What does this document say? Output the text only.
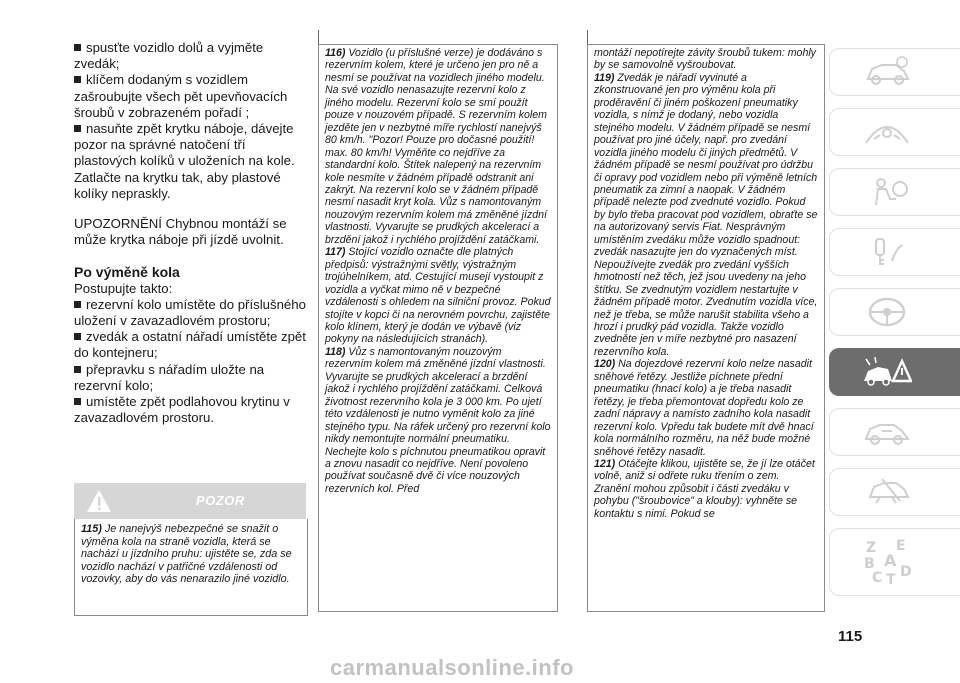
spusťte vozidlo dolů a vyjměte zvedák;

klíčem dodaným s vozidlem zašroubujte všech pět upevňovacích šroubů v zobrazeném pořadí ;

nasuňte zpět krytku náboje, dávejte pozor na správné natočení tří plastových kolíků v uloženích na kole. Zatlačte na krytku tak, aby plastové kolíky nepraskly.

UPOZORNĚNÍ Chybnou montáží se může krytka náboje při jízdě uvolnit.

Po výměně kola

Postupujte takto:

rezervní kolo umístěte do příslušného uložení v zavazadlovém prostoru;

zvedák a ostatní nářadí umístěte zpět do kontejneru;

přepravku s nářadím uložte na rezervní kolo;

umístěte zpět podlahovou krytinu v zavazadlovém prostoru.

POZOR
115) Je nanejvýš nebezpečné se snažit o výměna kola na straně vozidla, která se nachází u jízdního pruhu: ujistěte se, zda se vozidlo nachází v patřičné vzdálenosti od vozovky, aby do vás nenarazilo jiné vozidlo.

116) Vozidlo (u příslušné verze) je dodáváno s rezervním kolem, které je určeno jen pro ně a nesmí se používat na vozidlech jiného modelu. Na své vozidlo nenasazujte rezervní kolo z jiného modelu. Rezervní kolo se smí použít pouze v nouzovém případě. S rezervním kolem jezděte jen v nezbytné míře rychlostí nanejvýš 80 km/h. "Pozor! Pouze pro dočasné použití! max. 80 km/h! Vyměňte co nejdříve za standardní kolo. Štítek nalepený na rezervním kole nesmíte v žádném případě odstranit ani zakrýt. Na rezervní kolo se v žádném případě nesmí nasadit kryt kola. Vůz s namontovaným nouzovým rezervním kolem má změněné jízdní vlastnosti. Vyvarujte se prudkých akcelerací a brzdění jakož i rychlého projíždění zatáčkami.

117) Stojící vozidlo označte dle platných předpisů: výstražnými světly, výstražným trojúhelníkem, atd. Cestující musejí vystoupit z vozidla a vyčkat mimo ně v bezpečné vzdálenosti s ohledem na silniční provoz. Pokud stojíte v kopci či na nerovném povrchu, zajistěte kolo klínem, který je dodán ve výbavě (viz pokyny na následujících stranách).

118) Vůz s namontovaným nouzovým rezervním kolem má změněné jízdní vlastnosti. Vyvarujte se prudkých akcelerací a brzdění jakož i rychlého projíždění zatáčkami. Celková životnost rezervního kola je 3 000 km. Po ujetí této vzdálenosti je nutno vyměnit kolo za jiné stejného typu. Na ráfek určený pro rezervní kolo nikdy nemontujte normální pneumatiku. Nechejte kolo s píchnutou pneumatikou opravit a znovu nasadit co nejdříve. Není povoleno používat současně dvě či více nouzových rezervních kol. Před

montáží nepotírejte závity šroubů tukem: mohly by se samovolně vyšroubovat.

119) Zvedák je nářadí vyvinuté a zkonstruované jen pro výměnu kola při proděravění či jiném poškození pneumatiky vozidla, s nímž je dodaný, nebo vozidla stejného modelu. V žádném případě se nesmí používat pro jiné účely, např. pro zvedání vozidla jiného modelu či jiných předmětů. V žádném případě se nesmí používat pro údržbu či opravy pod vozidlem nebo při výměně letních pneumatik za zimní a naopak. V žádném případě nelezte pod zvednuté vozidlo. Pokud by bylo třeba pracovat pod vozidlem, obraťte se na autorizovaný servis Fiat. Nesprávným umístěním zvedáku může vozidlo spadnout: zvedák nasazujte jen do vyznačených míst. Nepoužívejte zvedák pro zvedání vyšších hmotností než těch, jež jsou uvedeny na jeho štítku. Se zvednutým vozidlem nestartujte v žádném případě motor. Zvednutím vozidla více, než je třeba, se může narušit stabilita všeho a hrozí i prudký pád vozidla. Takže vozidlo zvedněte jen v míře nezbytné pro nasazení rezervního kola.

120) Na dojezdové rezervní kolo nelze nasadit sněhové řetězy. Jestliže píchnete přední pneumatiku (hnací kolo) a je třeba nasadit řetězy, je třeba přemontovat dopředu kolo ze zadní nápravy a namísto zadního kola nasadit rezervní kolo. Vpředu tak budete mít dvě hnací kola normálního rozměru, na něž bude možné sněhové řetězy nasadit.

121) Otáčejte klikou, ujistěte se, že jí lze otáčet volně, aniž si odřete ruku třením o zem. Zranění mohou způsobit i části zvedáku v pohybu ("šroubovice" a klouby): vyhněte se kontaktu s nimi. Pokud se

Z E
B A
C T D
115
carmanualsonline.info
